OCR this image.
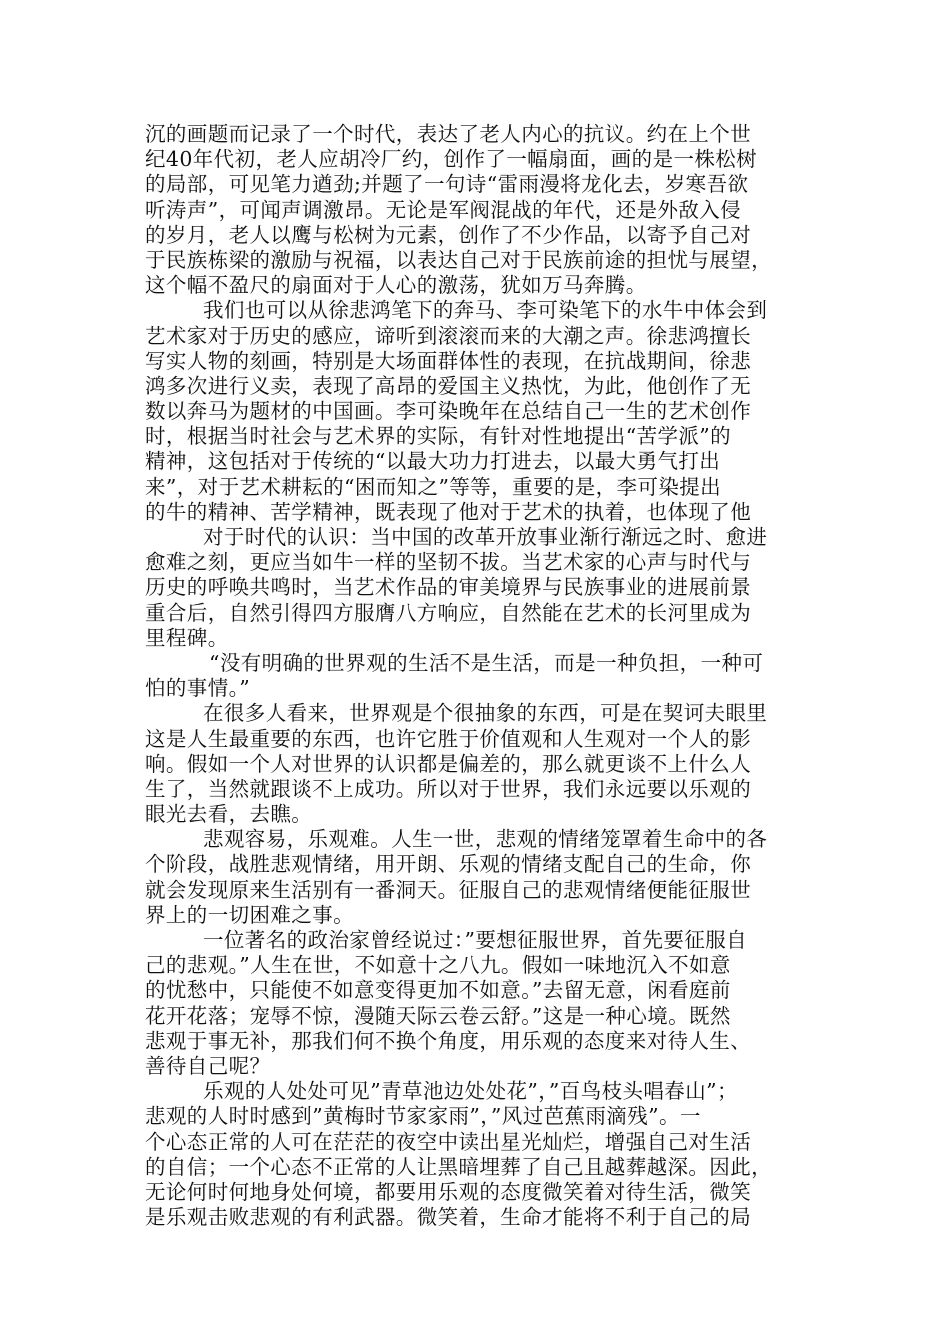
沉的画题而记录了一个时代，表达了老人内心的抗议。约在上个世
纪40年代初，老人应胡冷厂约，创作了一幅扇面，画的是一株松树
的局部，可见笔力遒劲;并题了一句诗“雷雨漫将龙化去，岁寒吾欲
听涛声”，可闻声调激昂。无论是军阀混战的年代，还是外敌入侵
的岁月，老人以鹰与松树为元素，创作了不少作品，以寄予自己对
于民族栋梁的激励与祝福，以表达自己对于民族前途的担忧与展望，
这个幅不盈尺的扇面对于人心的激荡，犹如万马奔腾。
我们也可以从徐悲鸿笔下的奔马、李可染笔下的水牛中体会到
艺术家对于历史的感应，谛听到滚滚而来的大潮之声。徐悲鸿擅长
写实人物的刻画，特别是大场面群体性的表现，在抗战期间，徐悲
鸿多次进行义卖，表现了高昂的爱国主义热忱，为此，他创作了无
数以奔马为题材的中国画。李可染晚年在总结自己一生的艺术创作
时，根据当时社会与艺术界的实际，有针对性地提出“苦学派”的
精神，这包括对于传统的“以最大功力打进去，以最大勇气打出
来”，对于艺术耕耘的“困而知之”等等，重要的是，李可染提出
的牛的精神、苦学精神，既表现了他对于艺术的执着，也体现了他
对于时代的认识：当中国的改革开放事业渐行渐远之时、愈进
愈难之刻，更应当如牛一样的坚韧不拔。当艺术家的心声与时代与
历史的呼唤共鸣时，当艺术作品的审美境界与民族事业的进展前景
重合后，自然引得四方服膺八方响应，自然能在艺术的长河里成为
里程碑。
“没有明确的世界观的生活不是生活，而是一种负担，一种可
怕的事情。”
在很多人看来，世界观是个很抽象的东西，可是在契诃夫眼里
这是人生最重要的东西，也许它胜于价值观和人生观对一个人的影
响。假如一个人对世界的认识都是偏差的，那么就更谈不上什么人
生了，当然就跟谈不上成功。所以对于世界，我们永远要以乐观的
眼光去看，去瞧。
悲观容易，乐观难。人生一世，悲观的情绪笼罩着生命中的各
个阶段，战胜悲观情绪，用开朗、乐观的情绪支配自己的生命，你
就会发现原来生活别有一番洞天。征服自己的悲观情绪便能征服世
界上的一切困难之事。
一位著名的政治家曾经说过：”要想征服世界，首先要征服自
己的悲观。”人生在世，不如意十之八九。假如一味地沉入不如意
的忧愁中，只能使不如意变得更加不如意。”去留无意，闲看庭前
花开花落；宠辱不惊，漫随天际云卷云舒。”这是一种心境。既然
悲观于事无补，那我们何不换个角度，用乐观的态度来对待人生、
善待自己呢？
乐观的人处处可见”青草池边处处花”，”百鸟枝头唱春山”；
悲观的人时时感到”黄梅时节家家雨”，”风过芭蕉雨滴残”。一
个心态正常的人可在茫茫的夜空中读出星光灿烂，增强自己对生活
的自信；一个心态不正常的人让黑暗埋葬了自己且越葬越深。因此，
无论何时何地身处何境，都要用乐观的态度微笑着对待生活，微笑
是乐观击败悲观的有利武器。微笑着，生命才能将不利于自己的局
